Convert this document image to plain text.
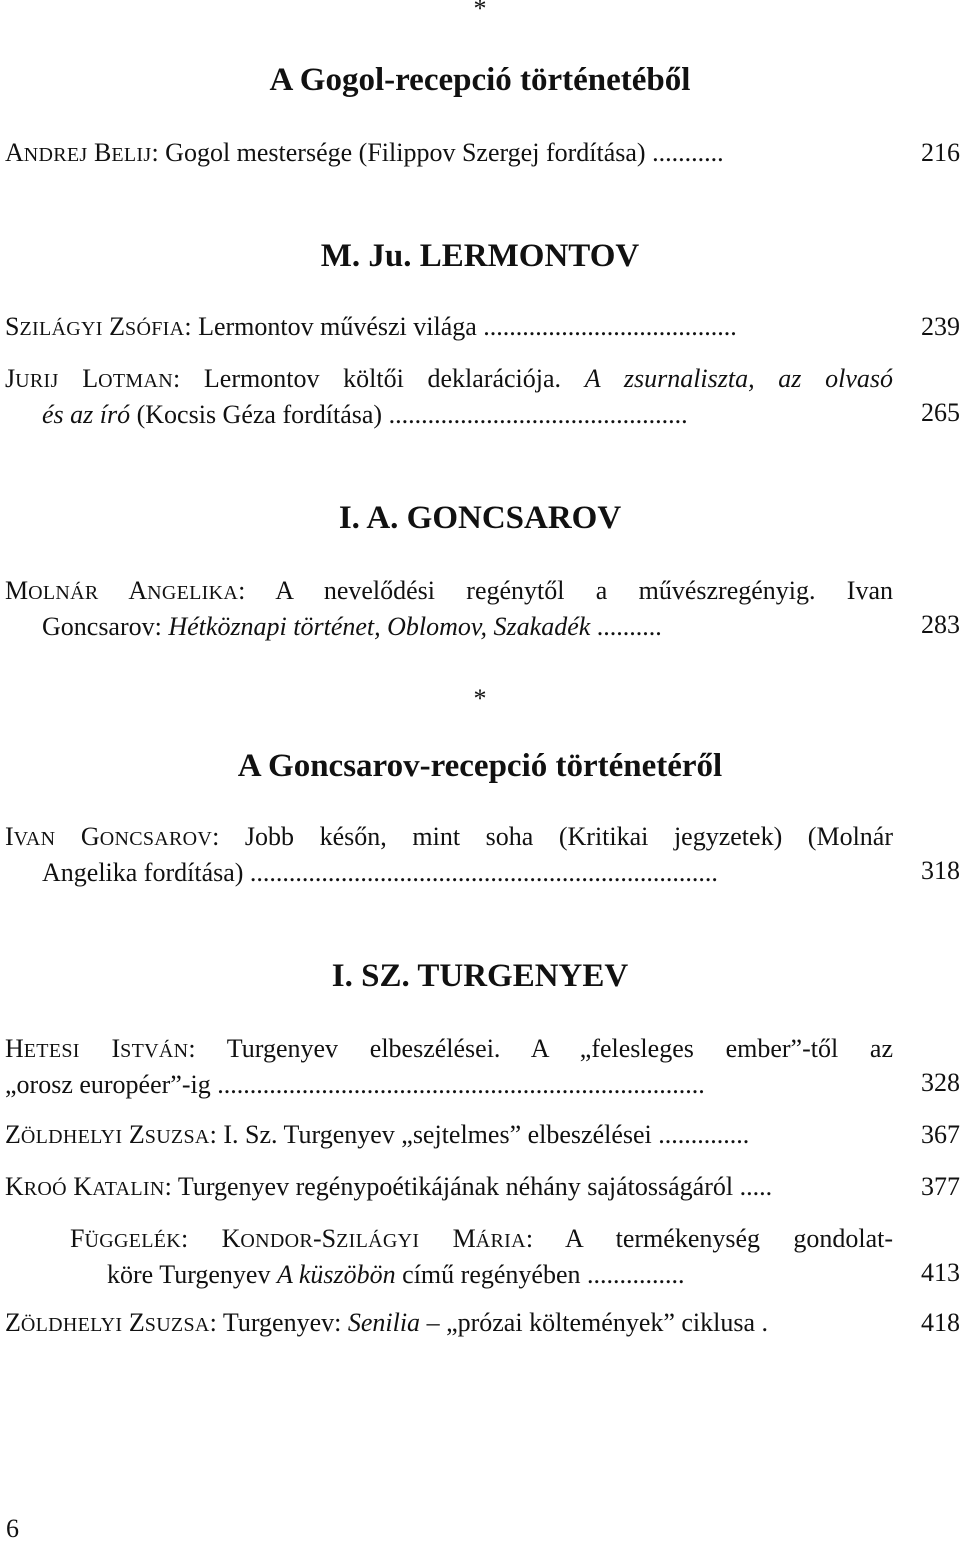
*
A Gogol-recepció történetéből
ANDREJ BELIJ: Gogol mestersége (Filippov Szergej fordítása) ...........	216
M. Ju. LERMONTOV
SZILÁGYI ZSÓFIA: Lermontov művészi világa .......................................	239
JURIJ LOTMAN: Lermontov költői deklarációja. A zsurnaliszta, az olvasó
és az író (Kocsis Géza fordítása) ..............................................	265
I. A. GONCSAROV
MOLNÁR ANGELIKA: A nevelődési regénytől a művészregényig. Ivan
Goncsarov: Hétköznapi történet, Oblomov, Szakadék ..........	283
*
A Goncsarov-recepció történetéről
IVAN GONCSAROV: Jobb későn, mint soha (Kritikai jegyzetek) (Molnár
Angelika fordítása) ........................................................................	318
I. SZ. TURGENYEV
HETESI ISTVÁN: Turgenyev elbeszélései. A „felesleges ember”-től az
„orosz européer”-ig ...........................................................................	328
ZÖLDHELYI ZSUZSA: I. Sz. Turgenyev „sejtelmes” elbeszélései ..............	367
KROÓ KATALIN: Turgenyev regénypoétikájának néhány sajátosságáról .....	377
FÜGGELÉK: KONDOR-SZILÁGYI MÁRIA: A termékenység gondolat-
köre Turgenyev A küszöbön című regényében ...............	413
ZÖLDHELYI ZSUZSA: Turgenyev: Senilia – „prózai költemények” ciklusa .	418
6
